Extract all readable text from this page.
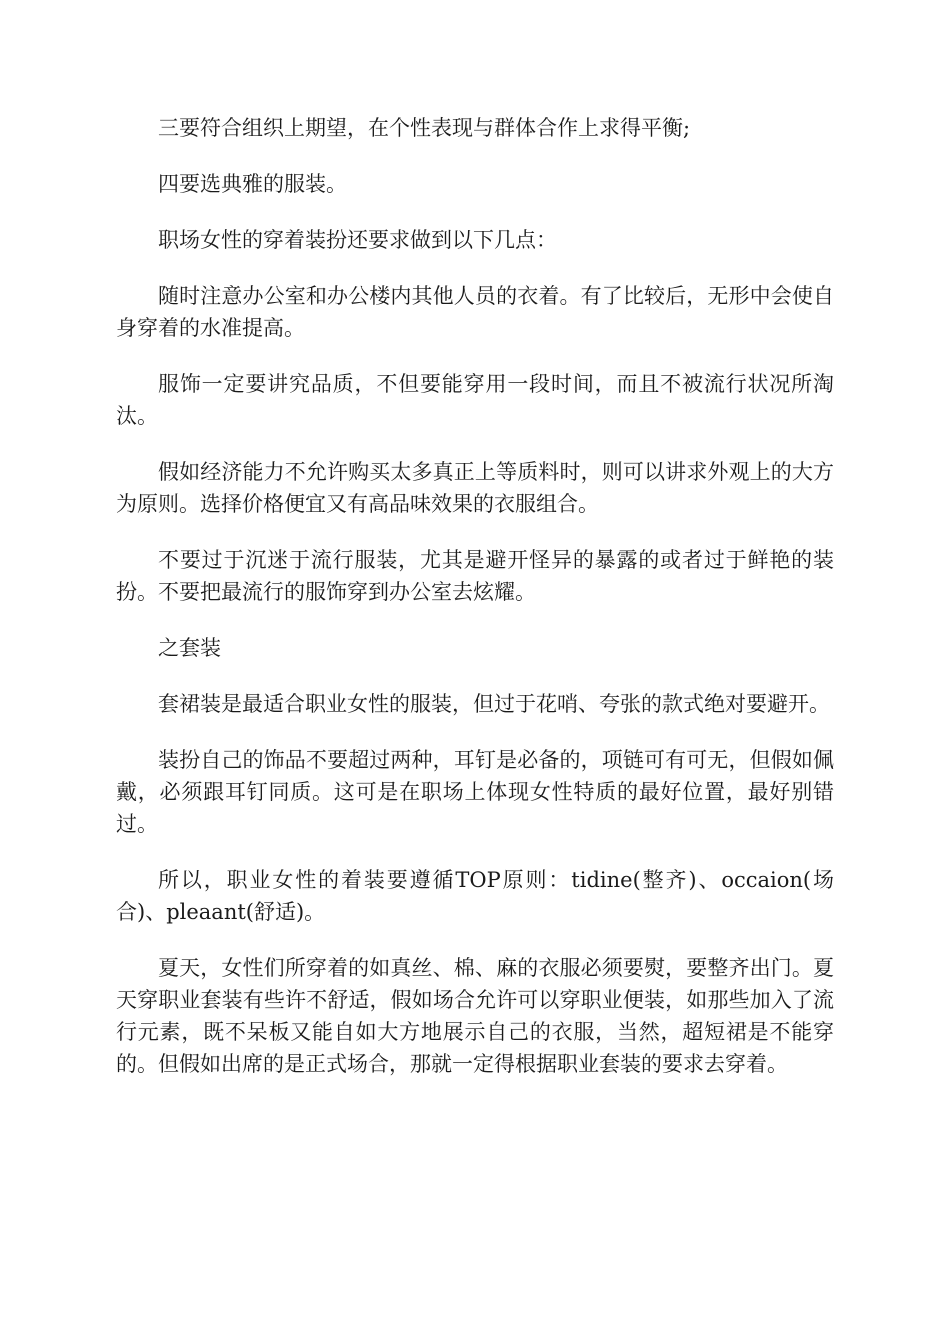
三要符合组织上期望，在个性表现与群体合作上求得平衡;

四要选典雅的服装。

职场女性的穿着装扮还要求做到以下几点：

随时注意办公室和办公楼内其他人员的衣着。有了比较后，无形中会使自身穿着的水准提高。

服饰一定要讲究品质，不但要能穿用一段时间，而且不被流行状况所淘汰。

假如经济能力不允许购买太多真正上等质料时，则可以讲求外观上的大方为原则。选择价格便宜又有高品味效果的衣服组合。

不要过于沉迷于流行服装，尤其是避开怪异的暴露的或者过于鲜艳的装扮。不要把最流行的服饰穿到办公室去炫耀。

之套装

套裙装是最适合职业女性的服装，但过于花哨、夸张的款式绝对要避开。

装扮自己的饰品不要超过两种，耳钉是必备的，项链可有可无，但假如佩戴，必须跟耳钉同质。这可是在职场上体现女性特质的最好位置，最好别错过。

所以，职业女性的着装要遵循TOP原则：tidine(整齐)、occaion(场合)、pleaant(舒适)。

夏天，女性们所穿着的如真丝、棉、麻的衣服必须要熨，要整齐出门。夏天穿职业套装有些许不舒适，假如场合允许可以穿职业便装，如那些加入了流行元素，既不呆板又能自如大方地展示自己的衣服，当然，超短裙是不能穿的。但假如出席的是正式场合，那就一定得根据职业套装的要求去穿着。
